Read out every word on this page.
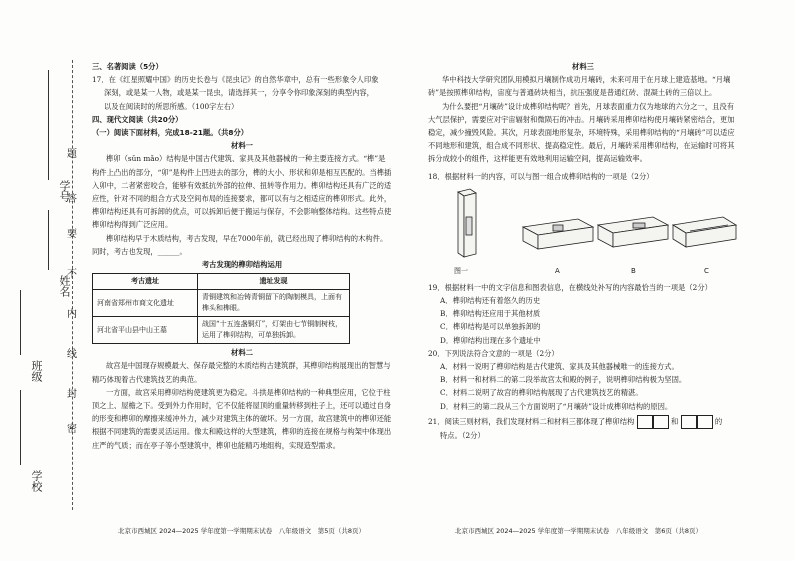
学号
姓名
班级
学校
题
答
要
不
内
线
封
密
三、名著阅读（5分）
17．在《红星照耀中国》的历史长卷与《昆虫记》的自然华章中，总有一些形象令人印象
深刻，或是某一人物，或是某一昆虫，请选择其一，分享令你印象深刻的典型内容，
以及在阅读时的所思所感。（100字左右）
四、现代文阅读（共20分）
（一）阅读下面材料，完成18-21题。（共8分）
材料一

榫卯（sǔn mǎo）结构是中国古代建筑、家具及其他器械的一种主要连接方式。“榫”是构件上凸出的部分，“卯”是构件上凹进去的部分，榫的大小、形状和卯是相互匹配的。当榫插入卯中，二者紧密咬合，能够有效抵抗外部的拉伸、扭转等作用力。榫卯结构还具有广泛的适应性，针对不同的组合方式及空间布局的连接要求，都可以有与之相适应的榫卯形式。此外，榫卯结构还具有可拆卸的优点，可以拆卸后便于搬运与保存，不会影响整体结构。这些特点使榫卯结构得到广泛应用。

榫卯结构早于木质结构，考古发现，早在7000年前，就已经出现了榫卯结构的木构件。同时，考古也发现，______。

考古发现的榫卯结构运用
考古遗址	遗址发现
河南省郑州市商文化遗址	青铜建筑和冶铸青铜留下的陶制模具，上面有榫头和榫眼。
河北省平山县中山王墓	战国“十五连盏铜灯”，灯架由七节铜制树枝，运用了榫卯结构，可单独拆卸。
材料二

故宫是中国现存规模最大、保存最完整的木质结构古建筑群，其榫卯结构展现出的智慧与精巧体现着古代建筑技艺的典范。

一方面，故宫采用榫卯结构使建筑更为稳定。斗拱是榫卯结构的一种典型应用，它位于柱顶之上、屋檐之下。受到外力作用时，它不仅能将屋顶的重量转移到柱子上，还可以通过自身的形变和榫卯的摩擦来缓冲外力，减少对建筑主体的破坏。另一方面，故宫建筑中的榫卯还能根据不同建筑的需要灵活运用。像太和殿这样的大型建筑，榫卯的连接在规格与构架中体现出庄严的气质；而在亭子等小型建筑中，榫卯也能精巧地组构，实现造型需求。

北京市西城区 2024—2025 学年度第一学期期末试卷　八年级语文　第5页（共8页）
材料三

华中科技大学研究团队用模拟月壤制作成功月壤砖，未来可用于在月球上建造基地。“月壤砖”是按照榫卯结构，宙度与普通砖块相当，抗压强度是普通红砖、混凝土砖的三倍以上。

为什么要把“月壤砖”设计成榫卯结构呢？首先，月球表面重力仅为地球的六分之一，且没有大气层保护，需要应对宇宙辐射和微陨石的冲击。月壤砖采用榫卯结构使月壤砖紧密结合，更加稳定，减少撞毁风险。其次，月球表面地形复杂，环境特殊，采用榫卯结构的“月壤砖”可以适应不同地形和建筑，组合成不同形状、提高稳定性。最后，月壤砖采用榫卯结构，在运输时可将其拆分成较小的组件，这样能更有效地利用运输空间，提高运输效率。

18．根据材料一的内容，可以与图一组合成榫卯结构的一项是（2分）
图一	A	B	C
19．根据材料一中的文字信息和图表信息，在横线处补写的内容最恰当的一项是（2分）
A．榫卯结构还有着悠久的历史
B．榫卯结构还应用于其他材质
C．榫卯结构是可以单独拆卸的
D．榫卯结构出现在多个遗址中
20．下列说法符合文意的一项是（2分）
A．材料一说明了榫卯结构是古代建筑、家具及其他器械唯一的连接方式。
B．材料一和材料二的第二段举故宫太和殿的例子，说明榫卯结构极为坚固。
C．材料二说明了故宫的榫卯结构展现了古代建筑技艺的精湛。
D．材料三的第二段从三个方面说明了“月壤砖”设计成榫卯结构的原因。
21．阅读三则材料，我们发现材料二和材料三都体现了榫卯结构	和	的
特点。（2分）
北京市西城区 2024—2025 学年度第一学期期末试卷　八年级语文　第6页（共8页）
